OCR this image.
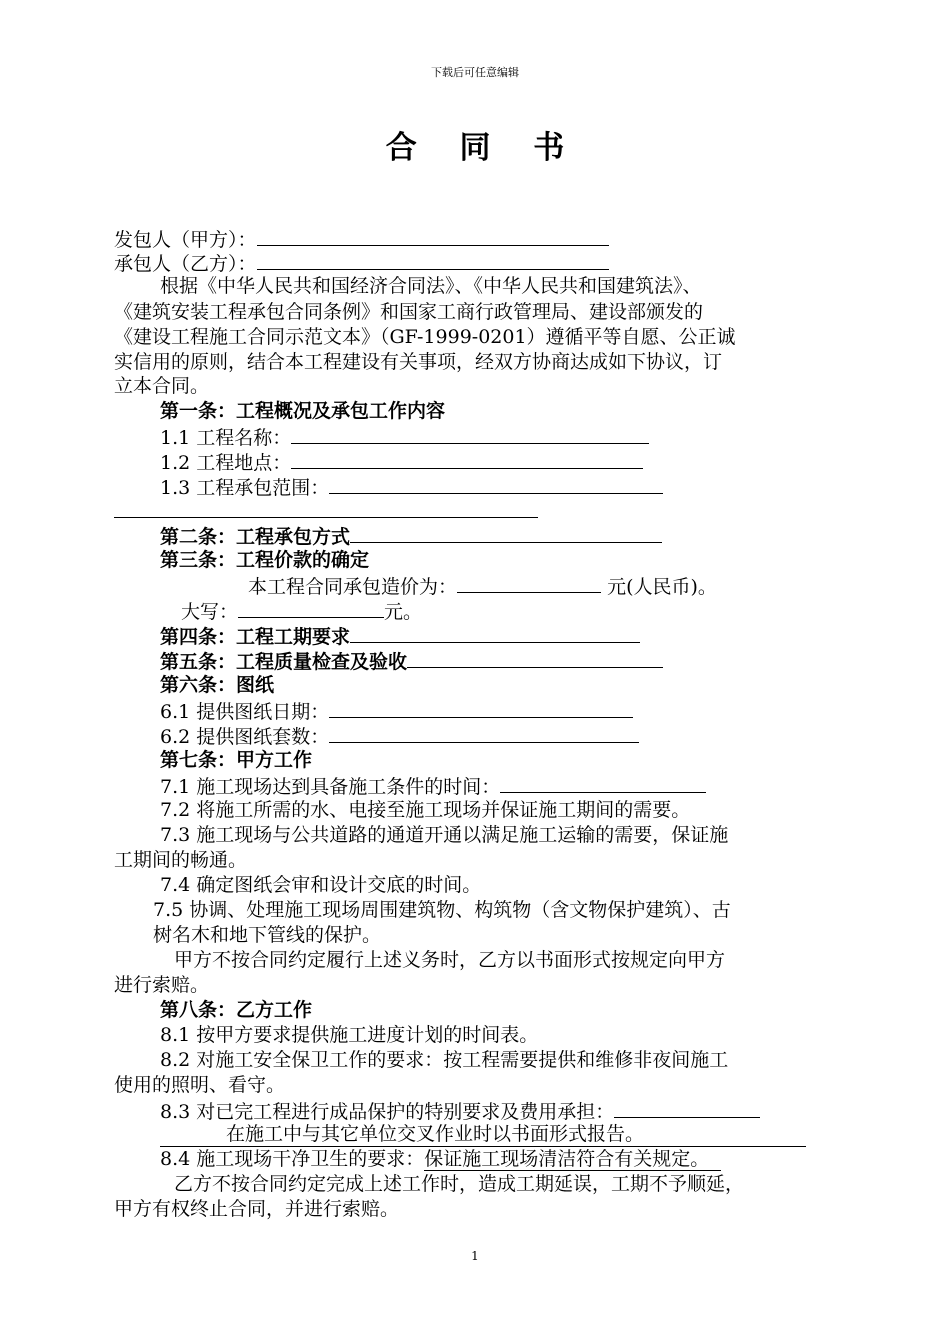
下载后可任意编辑
合 同 书
发包人（甲方）：
承包人（乙方）：
根据《中华人民共和国经济合同法》、《中华人民共和国建筑法》、
《建筑安装工程承包合同条例》和国家工商行政管理局、建设部颁发的
《建设工程施工合同示范文本》（GF-1999-0201）遵循平等自愿、公正诚
实信用的原则，结合本工程建设有关事项，经双方协商达成如下协议，订
立本合同。
第一条：工程概况及承包工作内容
1.1 工程名称：
1.2 工程地点：
1.3 工程承包范围：
第二条：工程承包方式
第三条：工程价款的确定
本工程合同承包造价为：	元(人民币)。
大写：	元。
第四条：工程工期要求
第五条：工程质量检查及验收
第六条：图纸
6.1 提供图纸日期：
6.2 提供图纸套数：
第七条：甲方工作
7.1 施工现场达到具备施工条件的时间：
7.2 将施工所需的水、电接至施工现场并保证施工期间的需要。
7.3 施工现场与公共道路的通道开通以满足施工运输的需要，保证施
工期间的畅通。
7.4 确定图纸会审和设计交底的时间。
7.5 协调、处理施工现场周围建筑物、构筑物（含文物保护建筑）、古
树名木和地下管线的保护。
甲方不按合同约定履行上述义务时，乙方以书面形式按规定向甲方
进行索赔。
第八条：乙方工作
8.1 按甲方要求提供施工进度计划的时间表。
8.2 对施工安全保卫工作的要求：按工程需要提供和维修非夜间施工
使用的照明、看守。
8.3 对已完工程进行成品保护的特别要求及费用承担：
在施工中与其它单位交叉作业时以书面形式报告。
8.4 施工现场干净卫生的要求：保证施工现场清洁符合有关规定。
乙方不按合同约定完成上述工作时，造成工期延误，工期不予顺延，
甲方有权终止合同，并进行索赔。
1
